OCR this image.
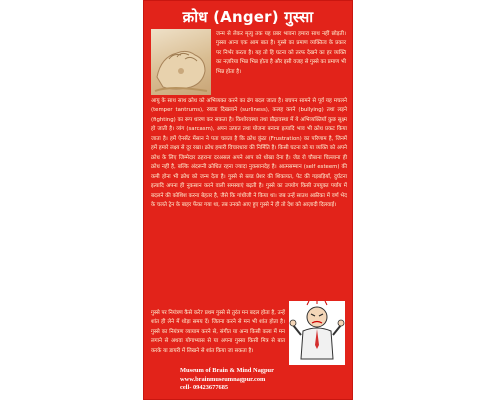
क्रोध (Anger) गुस्सा
जन्म से लेकर मृत्यु तक यह प्रबर भावना हमारा साथ नहीं छोड़ती। गुस्सा आना एक आम बात है। गुस्से का प्रमाण व्यक्तित्व के प्रकार पर निर्भर करता है। यह तो हि घटना को तरफ देखने का हर व्यक्ति का नज़रिया भिन्न भिन्न होता है और इसी वजह से गुस्से का प्रमाण भी भिन्न होता है।
आयु के साथ साथ क्रोध को अभिव्यक्त करने का ढंग बदल जाता है। बचपन सामने से पूर्व यह मचलने (temper tantrums), रुष्टता दिखलाने (surliness), कलह करने (bullying) तथा लड़ने (fighting) का रूप धारण कर सकता है। किशोरवस्था तथा प्रौढ़ावस्था में ये अभिव्यक्तियाँ कुछ सूक्ष्म हो जाती है। व्यंग (sarcasm), अपन उत्पात तथा योजना बनाना इत्यादि भाव भी क्रोध प्रकट किया जाता है। हमें ऐनसेंट मेंसान ने पता चलता है कि क्रोध कुंठा (Frustration) का परिणाम है, जिनमें हमें हमारे लक्ष्य से दूर रखा। क्रोध हमारी विचारधारा की निर्मिति है। किसी घटना को या व्यक्ति को अपने क्रोध के लिए जिम्मेदार ठहराना दरअसल अपने आप को धोखा देना है। जेड रो चौबाना चिल्लाना ही क्रोध नहीं है, बल्कि अंदरूनी क्रोधित रहना ज्यादा नुकसानदेह है। आत्मसम्मान (self esteem) की कमी होना भी क्रोध को जन्म देता है। गुस्से से ब्लड प्रेशर की शिकायत, पेट की गड़बड़ियाँ, दुर्घटना इत्यादि अपना ही नुकसान करने वाली समस्याएं बढ़ती है। गुस्से का उपयोग किसी उपयुक्त पर्याय में बदलने की कोशिश करना बेहतर है, जैसे कि गांधीजी ने किया था। जब उन्हें साउथ अफ्रीका में वर्ण भेद के चलते ट्रेन के बाहर फेंका गया था, तब उनको आए हुए गुस्से ने ही तो देश को आज़ादी दिलवाई।
गुस्से पर नियंत्रण कैसे करे? प्रथम गुस्से से तुरंत मन बदल होता है, उन्हें शांत ही लेने में थोड़ा समय दें। जितना करने से मन भी शांत होता है। गुस्से का नियंत्रण व्यायाम करने से, संगीत या अन्य किसी कला में मन लगाने से अथवा योगाभ्यास से या अपना गुस्सा किसी मित्र से बात करके या डायरी में लिखने से शांत किया जा सकता है।
Museum of Brain & Mind Nagpur
www.brainmuseumnagpur.com
cell- 09423677685
